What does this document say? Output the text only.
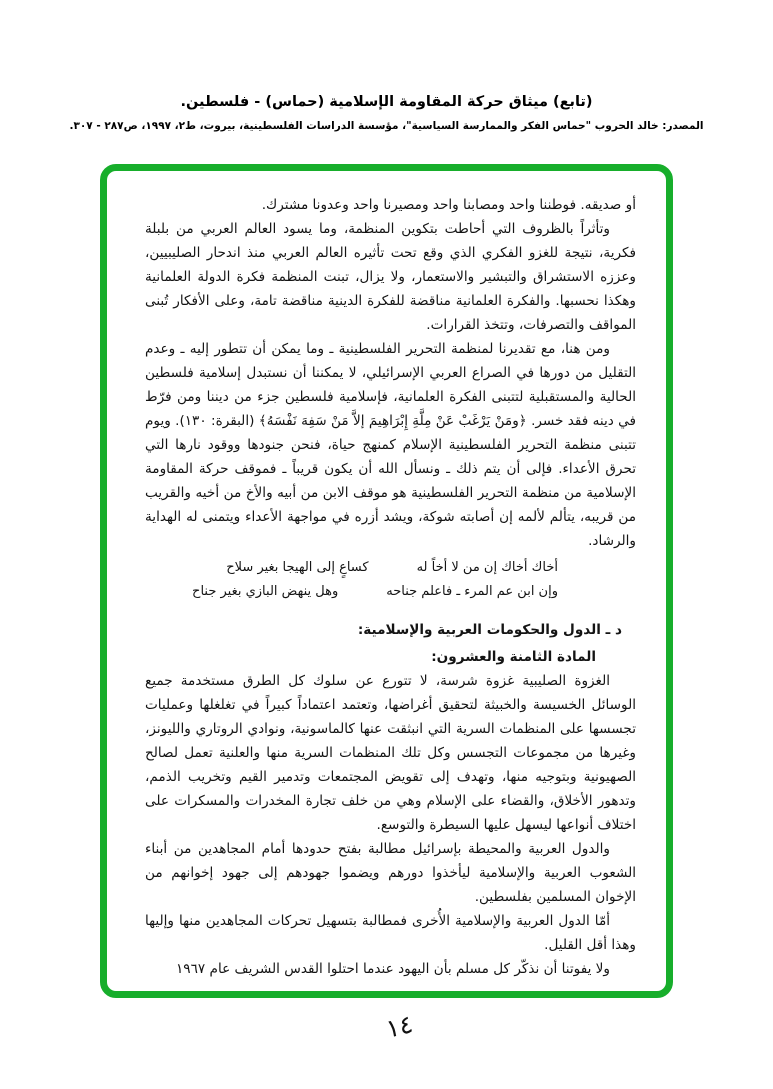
(تابع) ميثاق حركة المقاومة الإسلامية (حماس) - فلسطين.
المصدر: خالد الحروب "حماس الفكر والممارسة السياسية"، مؤسسة الدراسات الفلسطينية، بيروت، ط٢، ١٩٩٧، ص٢٨٧ - ٣٠٧.

أو صديقه. فوطننا واحد ومصابنا واحد ومصيرنا واحد وعدونا مشترك.

وتأثراً بالظروف التي أحاطت بتكوين المنظمة، وما يسود العالم العربي من بلبلة فكرية، نتيجة للغزو الفكري الذي وقع تحت تأثيره العالم العربي منذ اندحار الصليبيين، وعززه الاستشراق والتبشير والاستعمار، ولا يزال، تبنت المنظمة فكرة الدولة العلمانية وهكذا نحسبها. والفكرة العلمانية مناقضة للفكرة الدينية مناقضة تامة، وعلى الأفكار تُبنى المواقف والتصرفات، وتتخذ القرارات.

ومن هنا، مع تقديرنا لمنظمة التحرير الفلسطينية ـ وما يمكن أن تتطور إليه ـ وعدم التقليل من دورها في الصراع العربي الإسرائيلي، لا يمكننا أن نستبدل إسلامية فلسطين الحالية والمستقبلية لتتبنى الفكرة العلمانية، فإسلامية فلسطين جزء من ديننا ومن فرّط في دينه فقد خسر. ﴿ومَنْ يَرْغَبْ عَنْ مِلَّةِ إِبْرَاهِيمَ إلاَّ مَنْ سَفِهَ نَفْسَهُ﴾ (البقرة: ١٣٠). ويوم تتبنى منظمة التحرير الفلسطينية الإسلام كمنهج حياة، فنحن جنودها ووقود نارها التي تحرق الأعداء. فإلى أن يتم ذلك ـ ونسأل الله أن يكون قريباً ـ فموقف حركة المقاومة الإسلامية من منظمة التحرير الفلسطينية هو موقف الابن من أبيه والأخ من أخيه والقريب من قريبه، يتألم لألمه إن أصابته شوكة، ويشد أزره في مواجهة الأعداء ويتمنى له الهداية والرشاد.

أخاك أخاك إن من لا أخاً له
كساعٍ إلى الهيجا بغير سلاح
وإن ابن عم المرء ـ فاعلم جناحه
وهل ينهض البازي بغير جناح

د ـ الدول والحكومات العربية والإسلامية:

المادة الثامنة والعشرون:

الغزوة الصليبية غزوة شرسة، لا تتورع عن سلوك كل الطرق مستخدمة جميع الوسائل الخسيسة والخبيثة لتحقيق أغراضها، وتعتمد اعتماداً كبيراً في تغلغلها وعمليات تجسسها على المنظمات السرية التي انبثقت عنها كالماسونية، ونوادي الروتاري والليونز، وغيرها من مجموعات التجسس وكل تلك المنظمات السرية منها والعلنية تعمل لصالح الصهيونية وبتوجيه منها، وتهدف إلى تقويض المجتمعات وتدمير القيم وتخريب الذمم، وتدهور الأخلاق، والقضاء على الإسلام وهي من خلف تجارة المخدرات والمسكرات على اختلاف أنواعها ليسهل عليها السيطرة والتوسع.

والدول العربية والمحيطة بإسرائيل مطالبة بفتح حدودها أمام المجاهدين من أبناء الشعوب العربية والإسلامية ليأخذوا دورهم ويضموا جهودهم إلى جهود إخوانهم من الإخوان المسلمين بفلسطين.

أمّا الدول العربية والإسلامية الأُخرى فمطالبة بتسهيل تحركات المجاهدين منها وإليها وهذا أقل القليل.

ولا يفوتنا أن نذكّر كل مسلم بأن اليهود عندما احتلوا القدس الشريف عام ١٩٦٧

١٤
